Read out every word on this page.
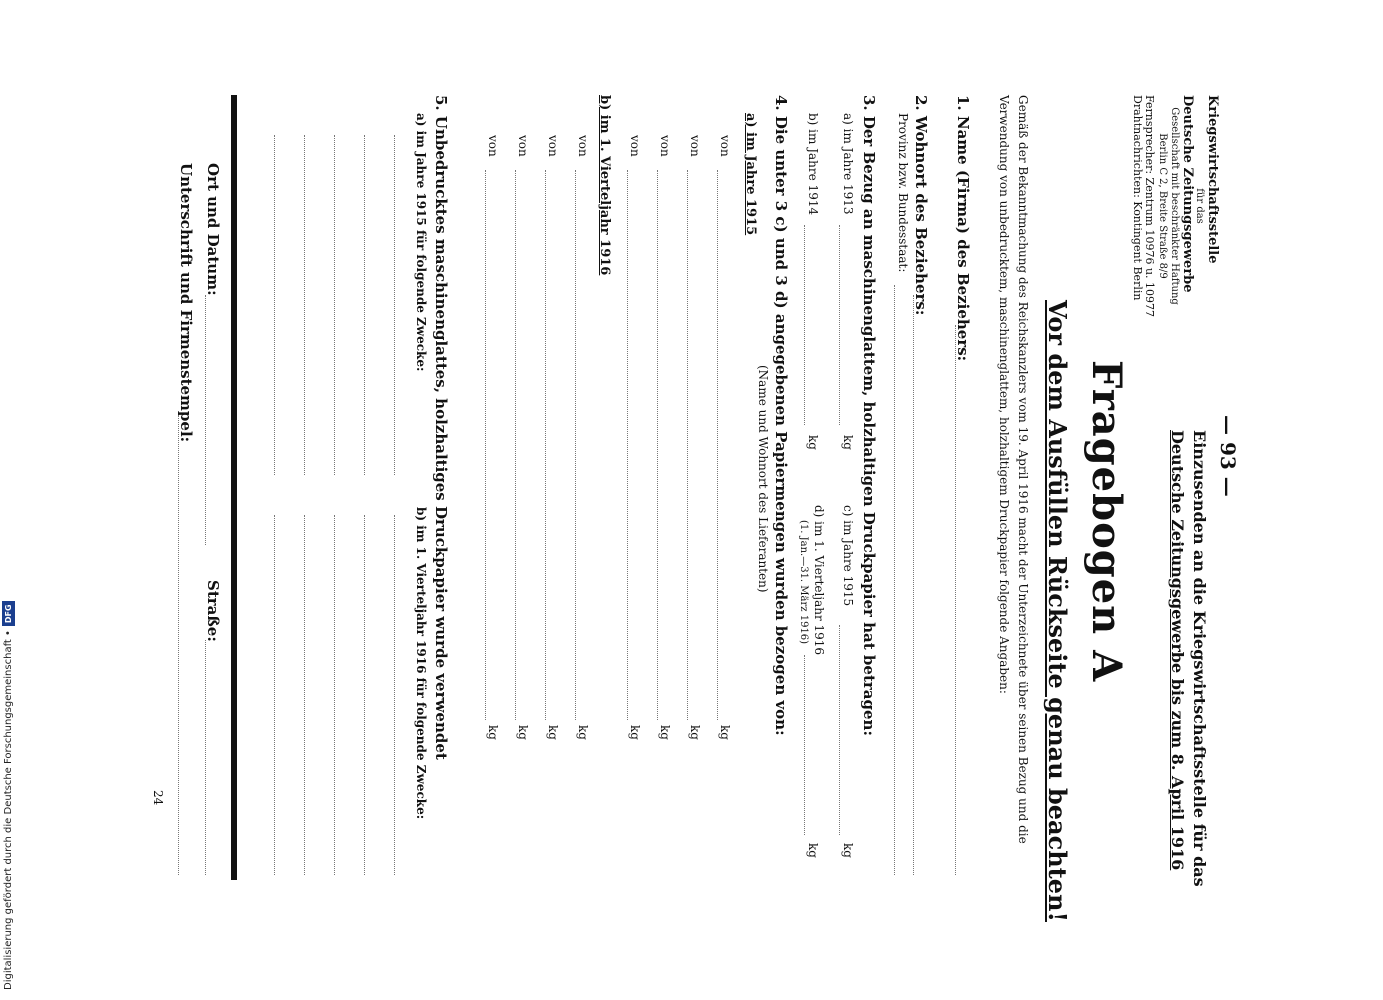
— 93 —
Kriegswirtschaftsstelle
für das
Deutsche Zeitungsgewerbe
Gesellschaft mit beschränkter Haftung
Berlin C 2, Breite Straße 8/9
Fernsprecher: Zentrum 10976 u. 10977
Drahtnachrichten: Kontingent Berlin
Einzusenden an die Kriegswirtschaftsstelle für das
Deutsche Zeitungsgewerbe bis zum 8. April 1916
Fragebogen A
Vor dem Ausfüllen Rückseite genau beachten!
Gemäß der Bekanntmachung des Reichskanzlers vom 19. April 1916 macht der Unterzeichnete über seinen Bezug und die Verwendung von unbedrucktem, maschinenglattem, holzhaltigem Druckpapier folgende Angaben:
1. Name (Firma) des Beziehers:
2. Wohnort des Beziehers:
Provinz bzw. Bundesstaat:
3. Der Bezug an maschinenglattem, holzhaltigen Druckpapier hat betragen:
a) im Jahre 1913
kg
c) im Jahre 1915
kg
b) im Jahre 1914
kg
d) im 1. Vierteljahr 1916
(1. Jan.—31. März 1916)
kg
4. Die unter 3 c) und 3 d) angegebenen Papiermengen wurden bezogen von:
(Name und Wohnort des Lieferanten)
a) im Jahre 1915
von
kg
von
kg
von
kg
von
kg
b) im 1. Vierteljahr 1916
von
kg
von
kg
von
kg
von
kg
5. Unbedrucktes maschinenglattes, holzhaltiges Druckpapier wurde verwendet
a) im Jahre 1915 für folgende Zwecke:
b) im 1. Vierteljahr 1916 für folgende Zwecke:
Ort und Datum:
Straße:
Unterschrift und Firmenstempel:
24
Digitalisierung gefördert durch die Deutsche Forschungsgemeinschaft •
DFG
